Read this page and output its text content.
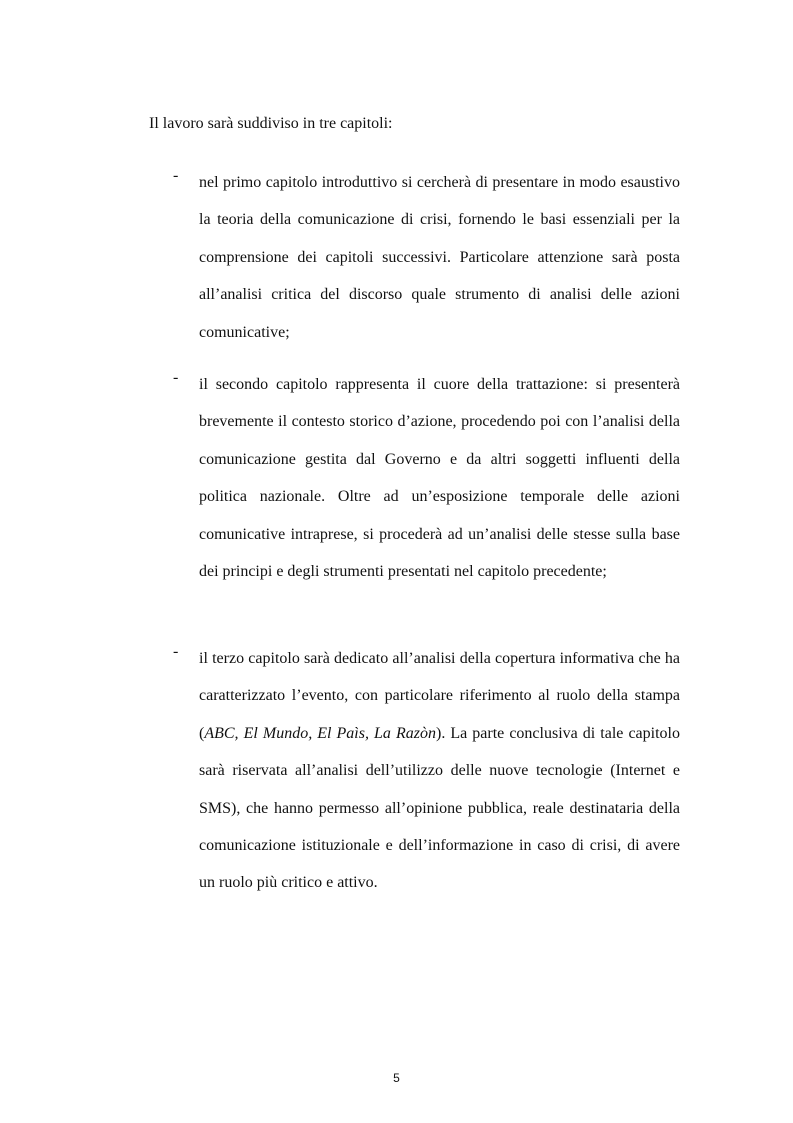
Il lavoro sarà suddiviso in tre capitoli:

- nel primo capitolo introduttivo si cercherà di presentare in modo esaustivo la teoria della comunicazione di crisi, fornendo le basi essenziali per la comprensione dei capitoli successivi. Particolare attenzione sarà posta all’analisi critica del discorso quale strumento di analisi delle azioni comunicative;

- il secondo capitolo rappresenta il cuore della trattazione: si presenterà brevemente il contesto storico d’azione, procedendo poi con l’analisi della comunicazione gestita dal Governo e da altri soggetti influenti della politica nazionale. Oltre ad un’esposizione temporale delle azioni comunicative intraprese, si procederà ad un’analisi delle stesse sulla base dei principi e degli strumenti presentati nel capitolo precedente;

- il terzo capitolo sarà dedicato all’analisi della copertura informativa che ha caratterizzato l’evento, con particolare riferimento al ruolo della stampa (ABC, El Mundo, El Paìs, La Razòn). La parte conclusiva di tale capitolo sarà riservata all’analisi dell’utilizzo delle nuove tecnologie (Internet e SMS), che hanno permesso all’opinione pubblica, reale destinataria della comunicazione istituzionale e dell’informazione in caso di crisi, di avere un ruolo più critico e attivo.

5
